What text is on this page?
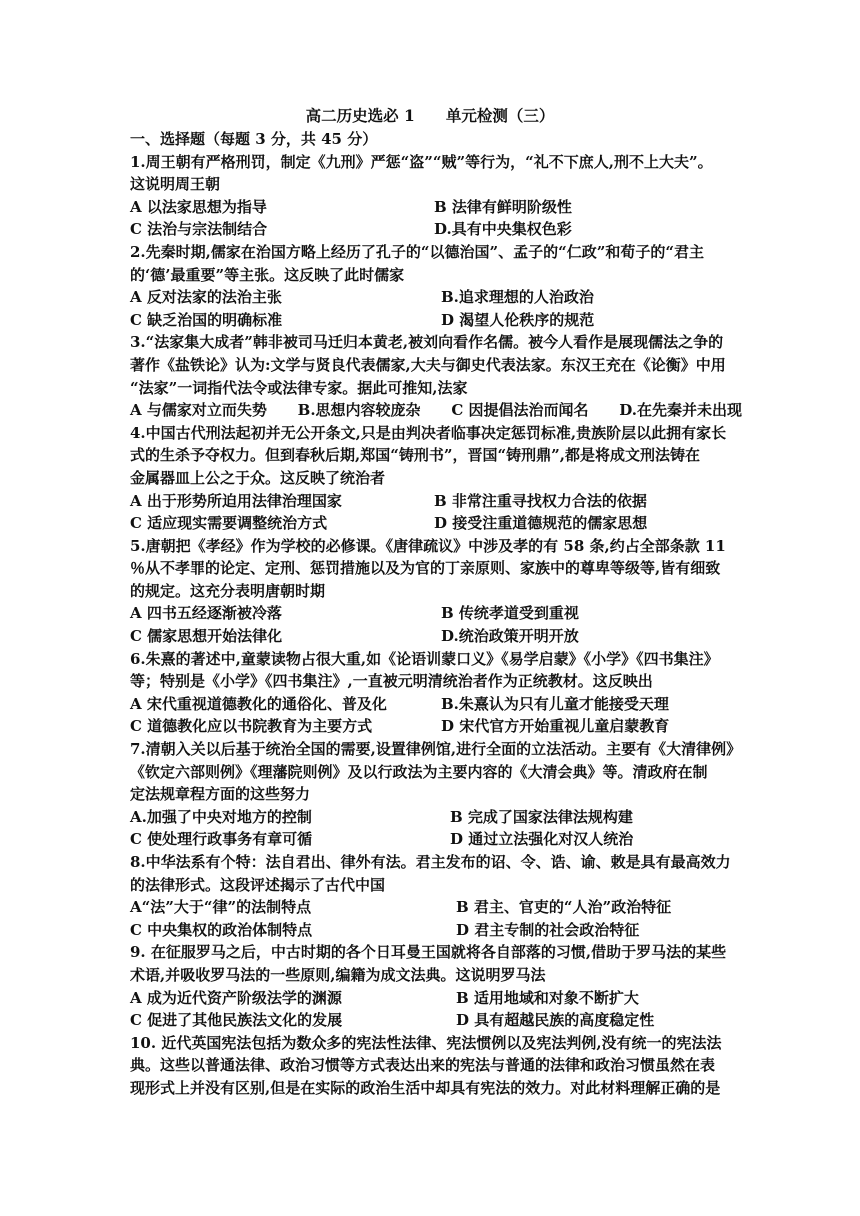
高二历史选必 1　　单元检测（三）
一、选择题（每题 3 分，共 45 分）
1.周王朝有严格刑罚，制定《九刑》严惩“盗”“贼”等行为，“礼不下庶人,刑不上大夫”。
这说明周王朝
A 以法家思想为指导	B 法律有鲜明阶级性
C 法治与宗法制结合	D.具有中央集权色彩
2.先秦时期,儒家在治国方略上经历了孔子的“以德治国”、孟子的“仁政”和荀子的“君主
的‘德’最重要”等主张。这反映了此时儒家
A 反对法家的法治主张	B.追求理想的人治政治
C 缺乏治国的明确标准	D 渴望人伦秩序的规范
3.“法家集大成者”韩非被司马迁归本黄老,被刘向看作名儒。被今人看作是展现儒法之争的
著作《盐铁论》认为:文学与贤良代表儒家,大夫与御史代表法家。东汉王充在《论衡》中用
“法家”一词指代法令或法律专家。据此可推知,法家
A 与儒家对立而失势 B.思想内容较庞杂 C 因提倡法治而闻名 D.在先秦并未出现
4.中国古代刑法起初并无公开条文,只是由判决者临事决定惩罚标准,贵族阶层以此拥有家长
式的生杀予夺权力。但到春秋后期,郑国“铸刑书”，晋国“铸刑鼎”,都是将成文刑法铸在
金属器皿上公之于众。这反映了统治者
A 出于形势所迫用法律治理国家	B 非常注重寻找权力合法的依据
C 适应现实需要调整统治方式	D 接受注重道德规范的儒家思想
5.唐朝把《孝经》作为学校的必修课。《唐律疏议》中涉及孝的有 58 条,约占全部条款 11
％从不孝罪的论定、定刑、惩罚措施以及为官的丁亲原则、家族中的尊卑等级等,皆有细致
的规定。这充分表明唐朝时期
A 四书五经逐渐被冷落	B 传统孝道受到重视
C 儒家思想开始法律化	D.统治政策开明开放
6.朱熹的著述中,童蒙读物占很大重,如《论语训蒙口义》《易学启蒙》《小学》《四书集注》
等；特别是《小学》《四书集注》,一直被元明清统治者作为正统教材。这反映出
A 宋代重视道德教化的通俗化、普及化	B.朱熹认为只有儿童才能接受天理
C 道德教化应以书院教育为主要方式	D 宋代官方开始重视儿童启蒙教育
7.清朝入关以后基于统治全国的需要,设置律例馆,进行全面的立法活动。主要有《大清律例》
《钦定六部则例》《理藩院则例》及以行政法为主要内容的《大清会典》等。清政府在制
定法规章程方面的这些努力
A.加强了中央对地方的控制	B 完成了国家法律法规构建
C 使处理行政事务有章可循	D 通过立法强化对汉人统治
8.中华法系有个特：法自君出、律外有法。君主发布的诏、令、诰、谕、敕是具有最高效力
的法律形式。这段评述揭示了古代中国
A“法”大于“律”的法制特点	B 君主、官吏的“人治”政治特征
C 中央集权的政治体制特点	D 君主专制的社会政治特征
9. 在征服罗马之后，中古时期的各个日耳曼王国就将各自部落的习惯,借助于罗马法的某些
术语,并吸收罗马法的一些原则,编籍为成文法典。这说明罗马法
A 成为近代资产阶级法学的渊源	B 适用地域和对象不断扩大
C 促进了其他民族法文化的发展	D 具有超越民族的高度稳定性
10. 近代英国宪法包括为数众多的宪法性法律、宪法惯例以及宪法判例,没有统一的宪法法
典。这些以普通法律、政治习惯等方式表达出来的宪法与普通的法律和政治习惯虽然在表
现形式上并没有区别,但是在实际的政治生活中却具有宪法的效力。对此材料理解正确的是
